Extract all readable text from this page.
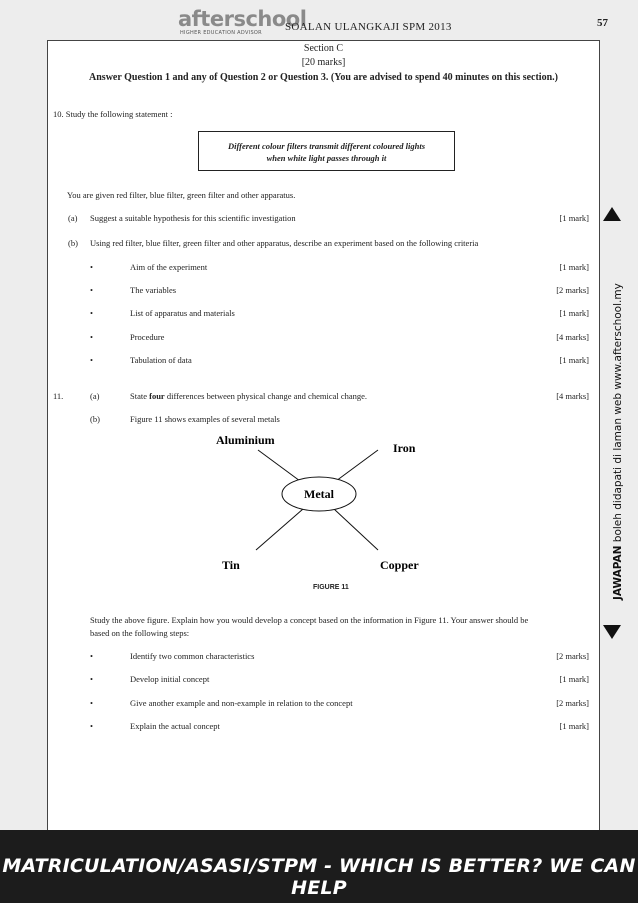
afterschool
HIGHER EDUCATION ADVISOR SOALAN ULANGKAJI SPM 2013	57
Section C
[20 marks]
Answer Question 1 and any of Question 2 or Question 3. (You are advised to spend 40 minutes on this section.)
10. Study the following statement :
Different colour filters transmit different coloured lights
when white light passes through it
You are given red filter, blue filter, green filter and other apparatus.
(a) Suggest a suitable hypothesis for this scientific investigation	[1 mark]
(b) Using red filter, blue filter, green filter and other apparatus, describe an experiment based on the following criteria
•	Aim of the experiment	[1 mark]
•	The variables	[2 marks]
•	List of apparatus and materials	[1 mark]
•	Procedure	[4 marks]
•	Tabulation of data	[1 mark]
11.	(a)	State four differences between physical change and chemical change.	[4 marks]
(b)	Figure 11 shows examples of several metals
Metal
Aluminium
Iron
Tin	Copper
FIGURE 11
Study the above figure. Explain how you would develop a concept based on the information in Figure 11. Your answer should be
based on the following steps:
•	Identify two common characteristics	[2 marks]
•	Develop initial concept	[1 mark]
•	Give another example and non-example in relation to the concept	[2 marks]
•	Explain the actual concept	[1 mark]
JAWAPAN boleh didapati di laman web www.afterschool.my
MATRICULATION/ASASI/STPM - WHICH IS BETTER? WE CAN HELP
